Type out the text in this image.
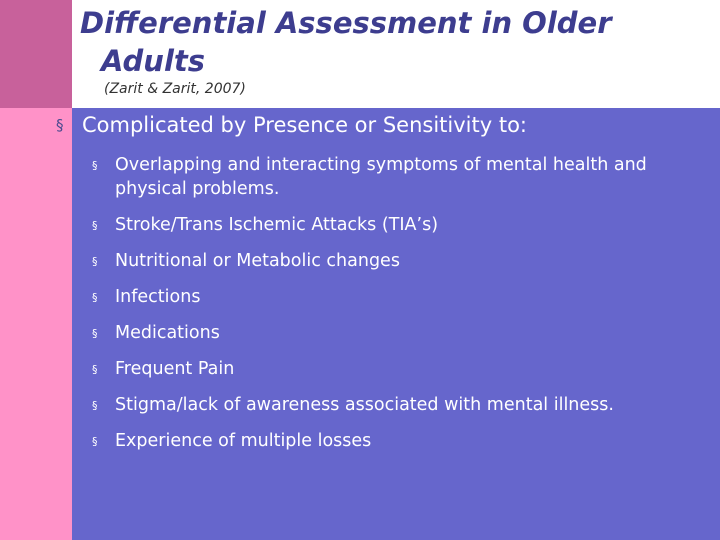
Differential Assessment in Older
Adults
(Zarit & Zarit, 2007)
§ Complicated by Presence or Sensitivity to:
§ Overlapping and interacting symptoms of mental health and physical problems.
§ Stroke/Trans Ischemic Attacks (TIA’s)
§ Nutritional or Metabolic changes
§ Infections
§ Medications
§ Frequent Pain
§ Stigma/lack of awareness associated with mental illness.
§ Experience of multiple losses
